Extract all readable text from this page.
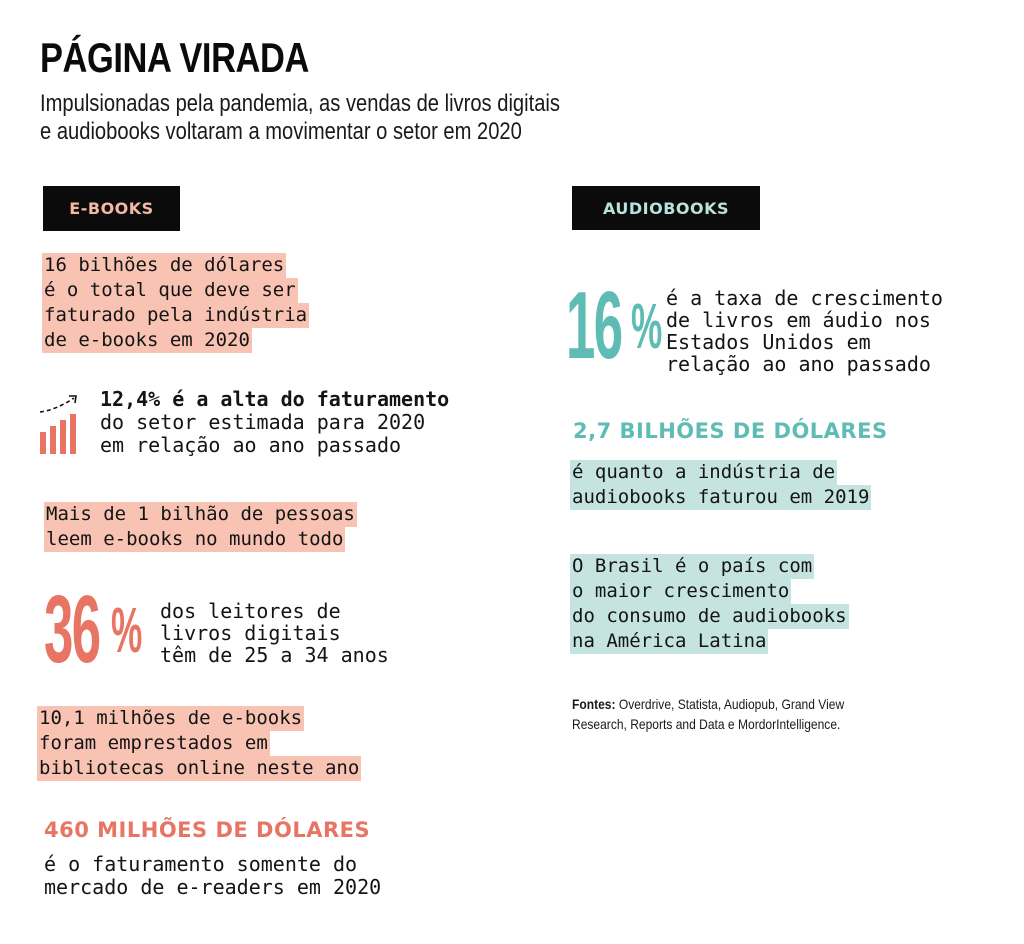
PÁGINA VIRADA
Impulsionadas pela pandemia, as vendas de livros digitais
e audiobooks voltaram a movimentar o setor em 2020
E-BOOKS
16 bilhões de dólares
é o total que deve ser
faturado pela indústria
de e-books em 2020
12,4% é a alta do faturamento
do setor estimada para 2020
em relação ao ano passado
Mais de 1 bilhão de pessoas
leem e-books no mundo todo
36 % dos leitores de
livros digitais
têm de 25 a 34 anos
10,1 milhões de e-books
foram emprestados em
bibliotecas online neste ano
460 MILHÕES DE DÓLARES
é o faturamento somente do
mercado de e-readers em 2020
AUDIOBOOKS
16 % é a taxa de crescimento
de livros em áudio nos
Estados Unidos em
relação ao ano passado
2,7 BILHÕES DE DÓLARES
é quanto a indústria de
audiobooks faturou em 2019
O Brasil é o país com
o maior crescimento
do consumo de audiobooks
na América Latina
Fontes: Overdrive, Statista, Audiopub, Grand View
Research, Reports and Data e MordorIntelligence.
